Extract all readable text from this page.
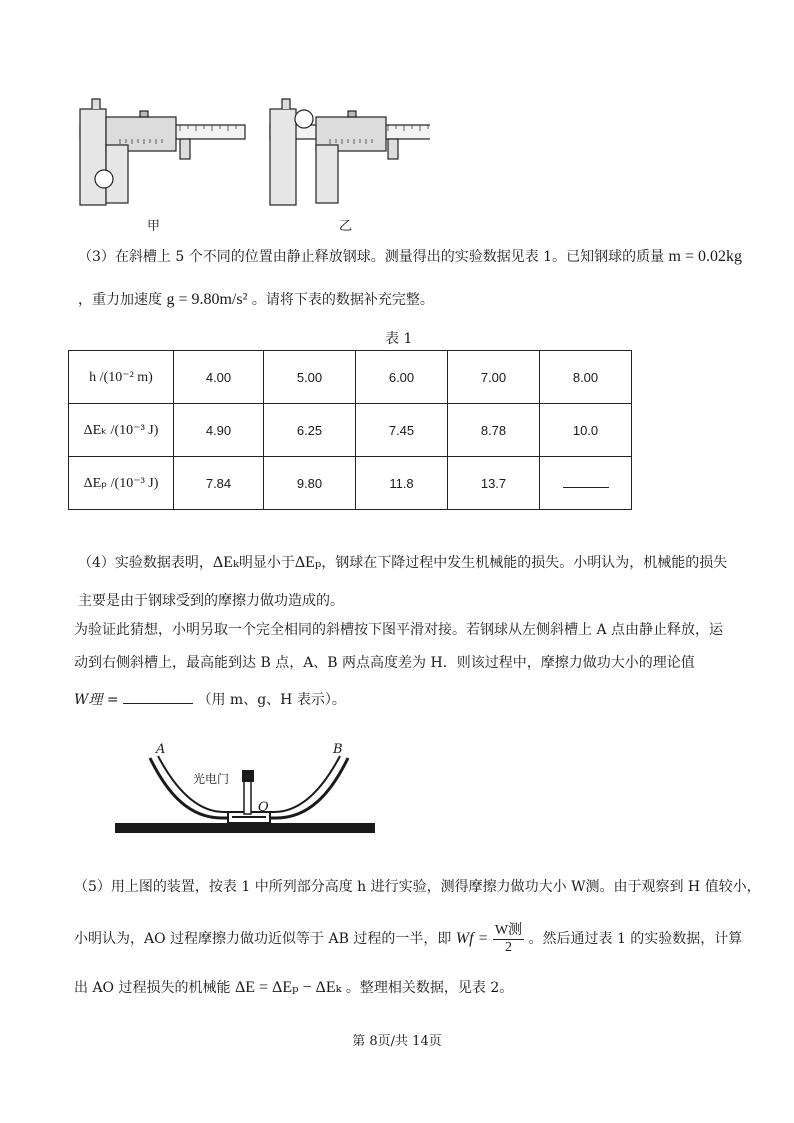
甲	乙
（3）在斜槽上 5 个不同的位置由静止释放钢球。测量得出的实验数据见表 1。已知钢球的质量 m = 0.02kg
，重力加速度 g = 9.80m/s² 。请将下表的数据补充完整。
表 1
h /(10⁻² m)	4.00	5.00	6.00	7.00	8.00
ΔEₖ /(10⁻³ J)	4.90	6.25	7.45	8.78	10.0
ΔEₚ /(10⁻³ J)	7.84	9.80	11.8	13.7	
（4）实验数据表明，ΔEₖ明显小于ΔEₚ，钢球在下降过程中发生机械能的损失。小明认为，机械能的损失
主要是由于钢球受到的摩擦力做功造成的。
为验证此猜想，小明另取一个完全相同的斜槽按下图平滑对接。若钢球从左侧斜槽上 A 点由静止释放，运
动到右侧斜槽上，最高能到达 B 点，A、B 两点高度差为 H．则该过程中，摩擦力做功大小的理论值
W理 =	（用 m、g、H 表示）。
A	B
O
光电门
（5）用上图的装置，按表 1 中所列部分高度 h 进行实验，测得摩擦力做功大小 W测。由于观察到 H 值较小，
小明认为，AO 过程摩擦力做功近似等于 AB 过程的一半，即 $Wf = \frac{\text{W测}}{2}$ 。然后通过表 1 的实验数据，计算
出 AO 过程损失的机械能 ΔE = ΔEₚ − ΔEₖ 。整理相关数据，见表 2。
第 8页/共 14页
